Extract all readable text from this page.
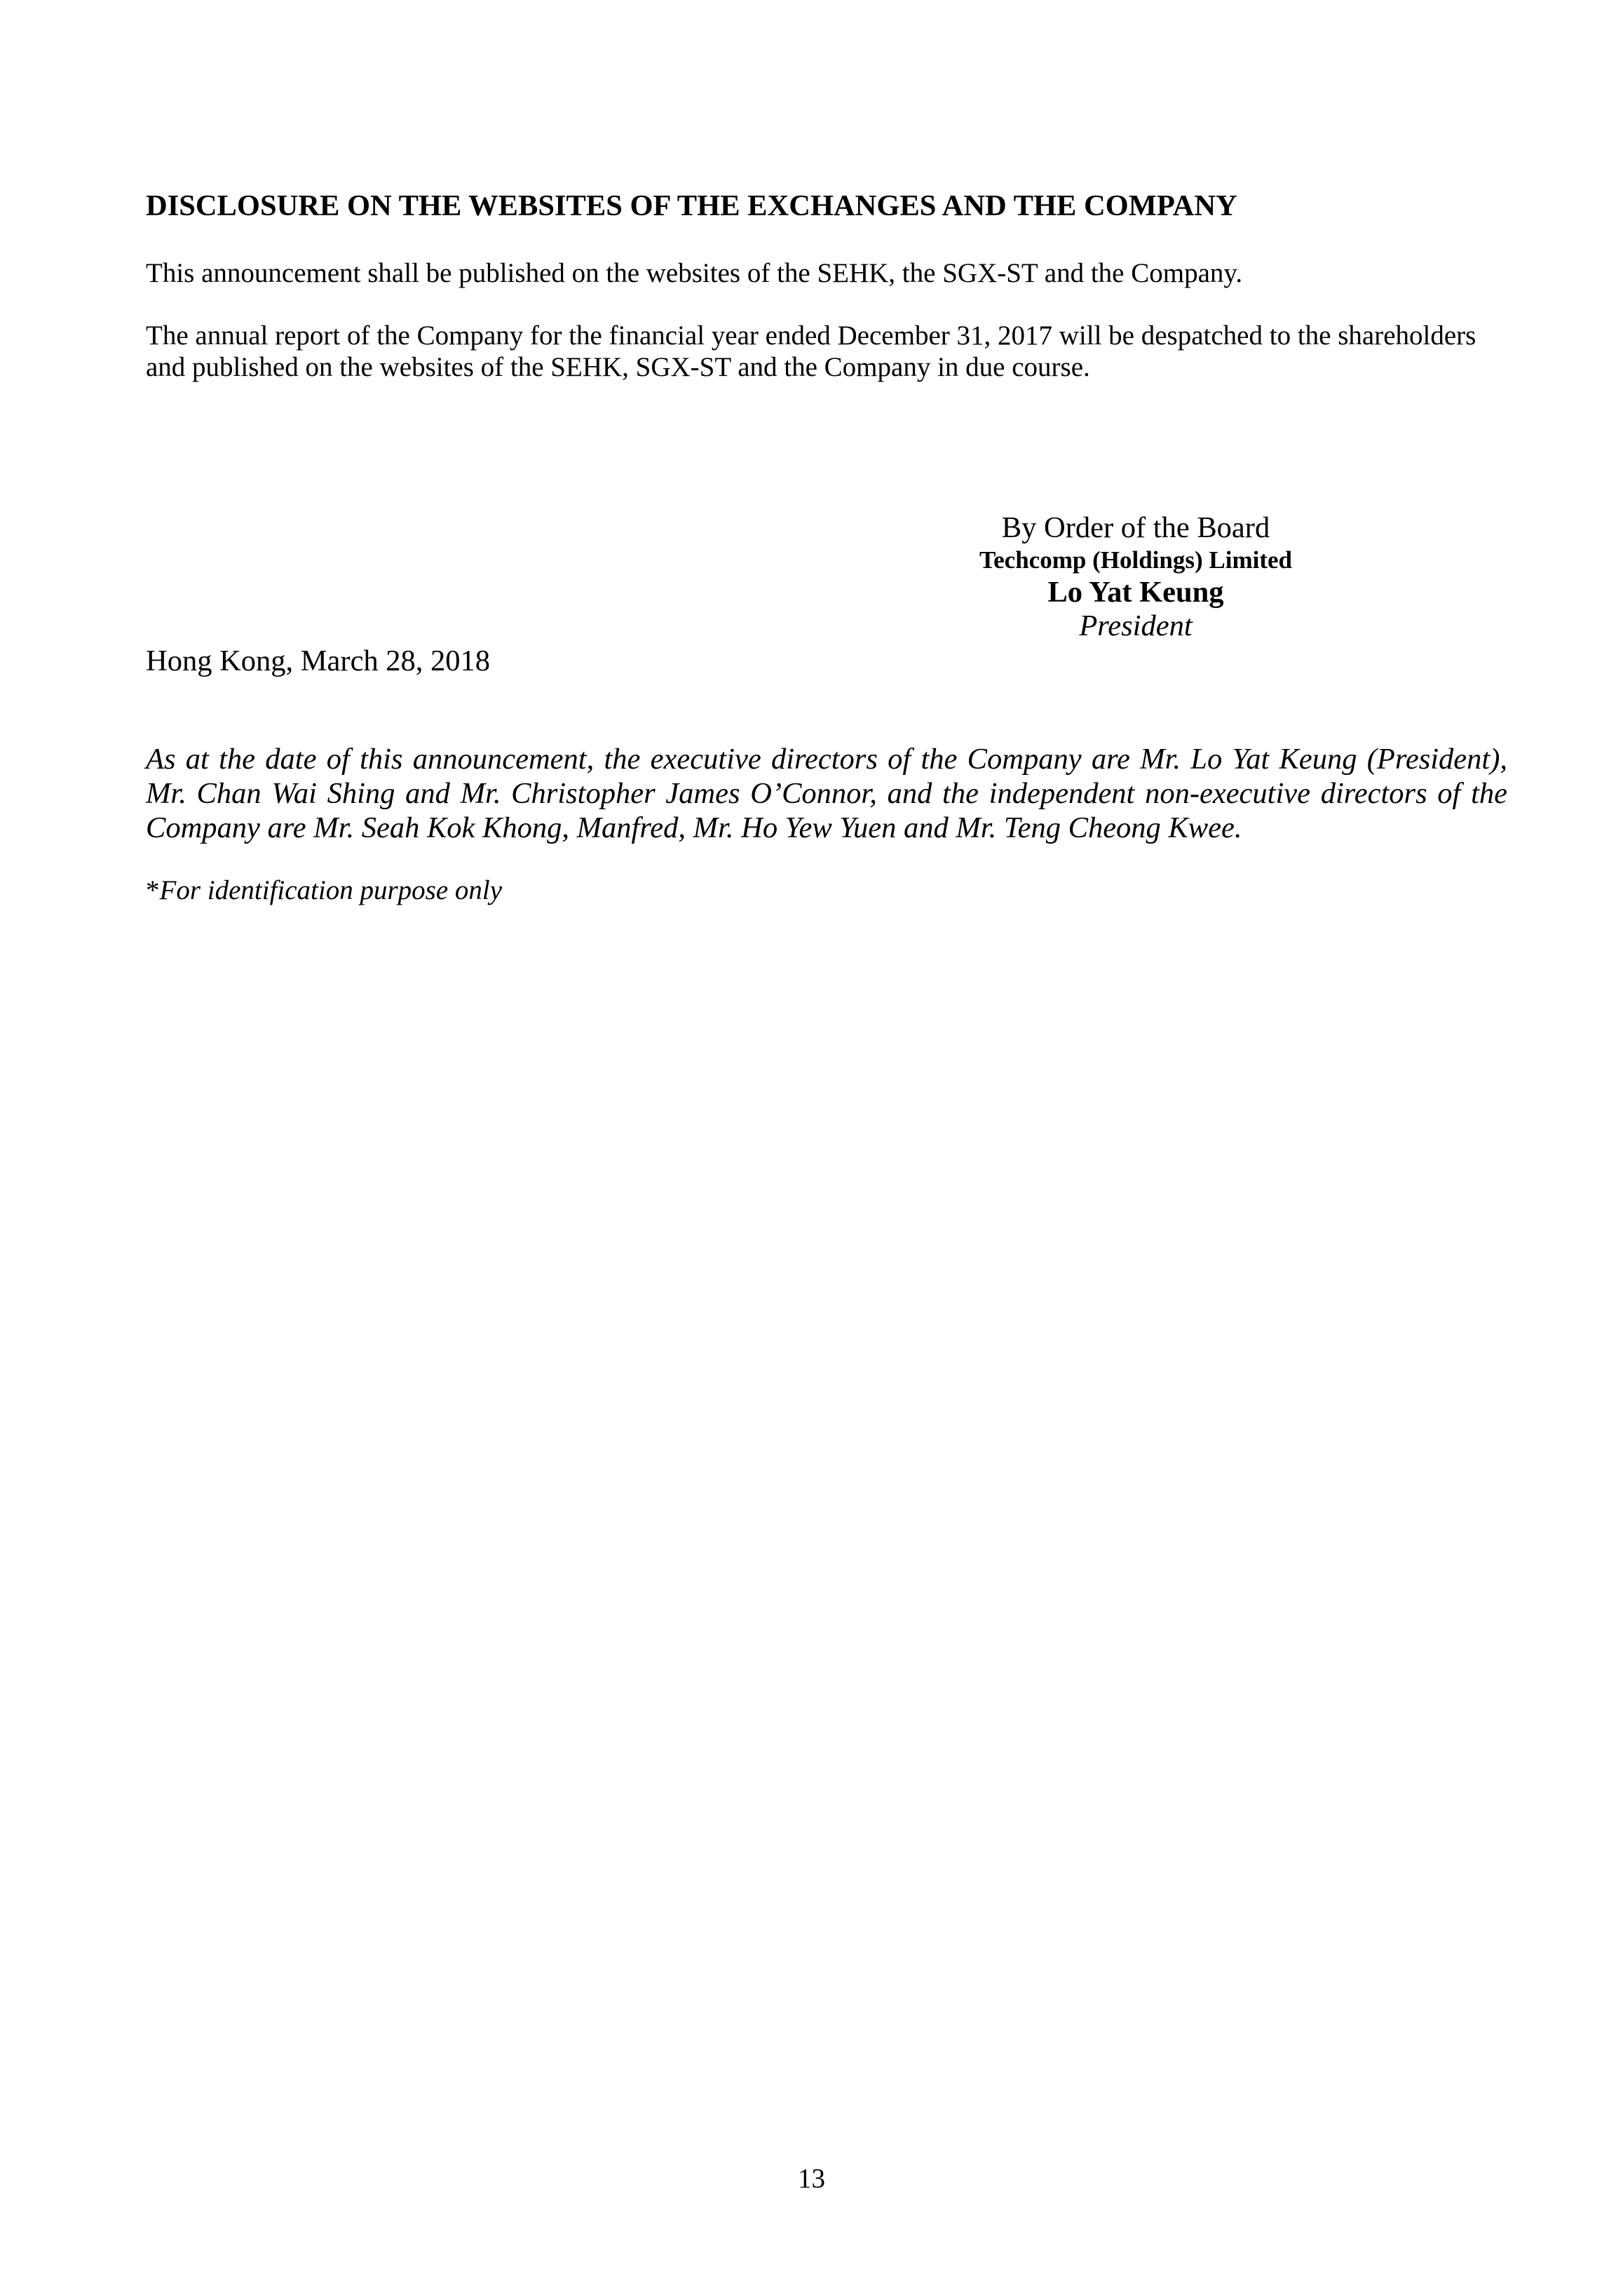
DISCLOSURE ON THE WEBSITES OF THE EXCHANGES AND THE COMPANY
This announcement shall be published on the websites of the SEHK, the SGX-ST and the Company.
The annual report of the Company for the financial year ended December 31, 2017 will be despatched to the shareholders
and published on the websites of the SEHK, SGX-ST and the Company in due course.
By Order of the Board
Techcomp (Holdings) Limited
Lo Yat Keung
President
Hong Kong, March 28, 2018
As at the date of this announcement, the executive directors of the Company are Mr. Lo Yat Keung (President),
Mr. Chan Wai Shing and Mr. Christopher James O’Connor, and the independent non-executive directors of the
Company are Mr. Seah Kok Khong, Manfred, Mr. Ho Yew Yuen and Mr. Teng Cheong Kwee.
*For identification purpose only
13
